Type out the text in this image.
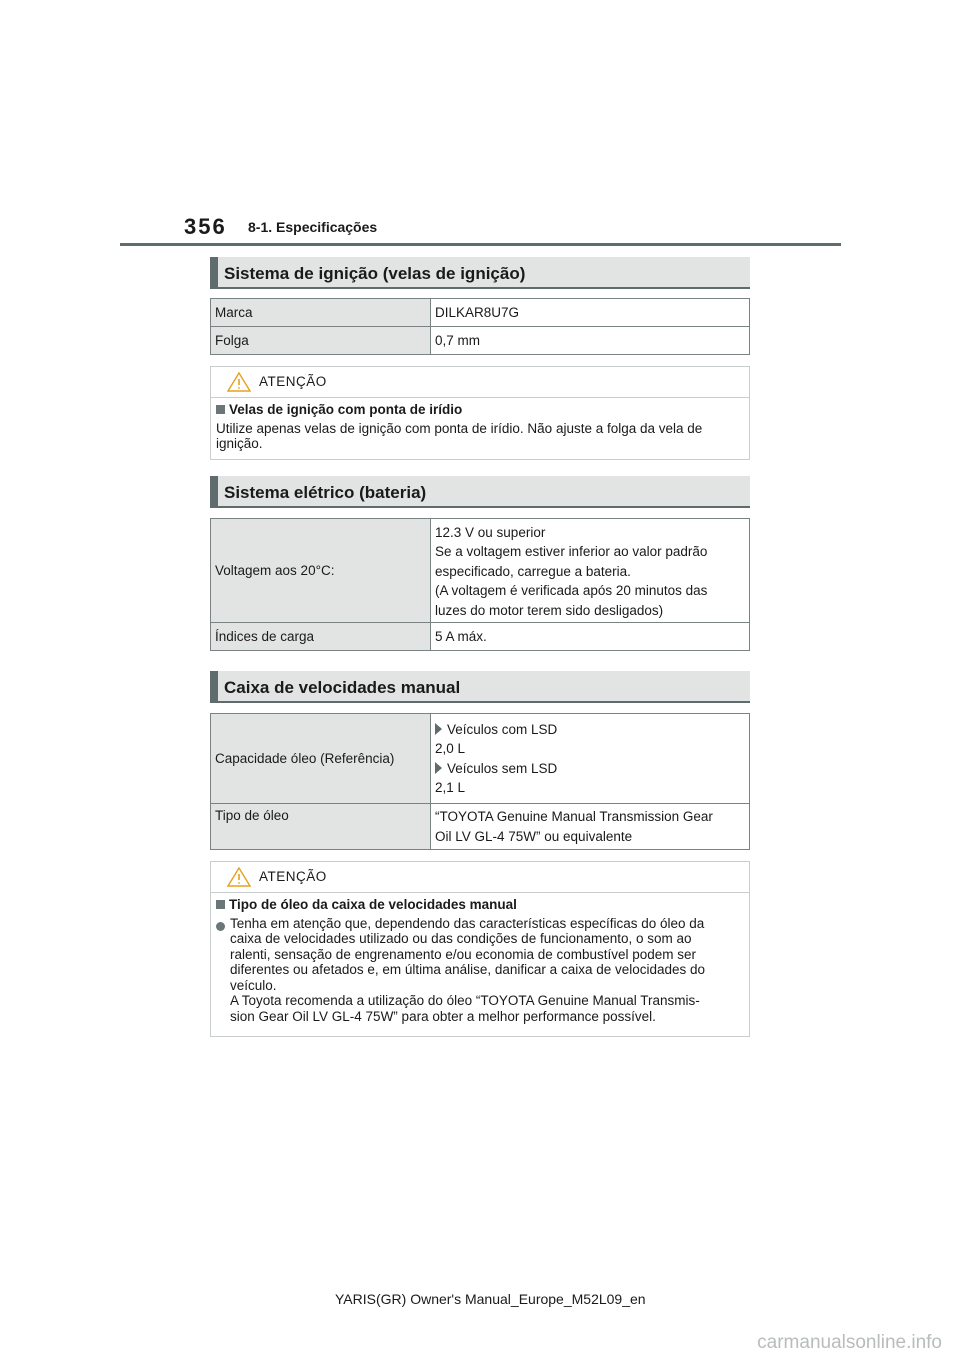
356 8-1. Especificações
Sistema de ignição (velas de ignição)
Marca	DILKAR8U7G
Folga	0,7 mm
ATENÇÃO
Velas de ignição com ponta de irídio
Utilize apenas velas de ignição com ponta de irídio. Não ajuste a folga da vela de ignição.
Sistema elétrico (bateria)
Voltagem aos 20°C:	12.3 V ou superior
Se a voltagem estiver inferior ao valor padrão
especificado, carregue a bateria.
(A voltagem é verificada após 20 minutos das
luzes do motor terem sido desligados)

Índices de carga	5 A máx.
Caixa de velocidades manual
Capacidade óleo (Referência)	Veículos com LSD
2,0 L
Veículos sem LSD
2,1 L

Tipo de óleo	“TOYOTA Genuine Manual Transmission Gear
Oil LV GL-4 75W” ou equivalente
ATENÇÃO
Tipo de óleo da caixa de velocidades manual
Tenha em atenção que, dependendo das características específicas do óleo da
caixa de velocidades utilizado ou das condições de funcionamento, o som ao
ralenti, sensação de engrenamento e/ou economia de combustível podem ser
diferentes ou afetados e, em última análise, danificar a caixa de velocidades do
veículo.
A Toyota recomenda a utilização do óleo “TOYOTA Genuine Manual Transmis-
sion Gear Oil LV GL-4 75W” para obter a melhor performance possível.
YARIS(GR) Owner's Manual_Europe_M52L09_en
carmanualsonline.info
